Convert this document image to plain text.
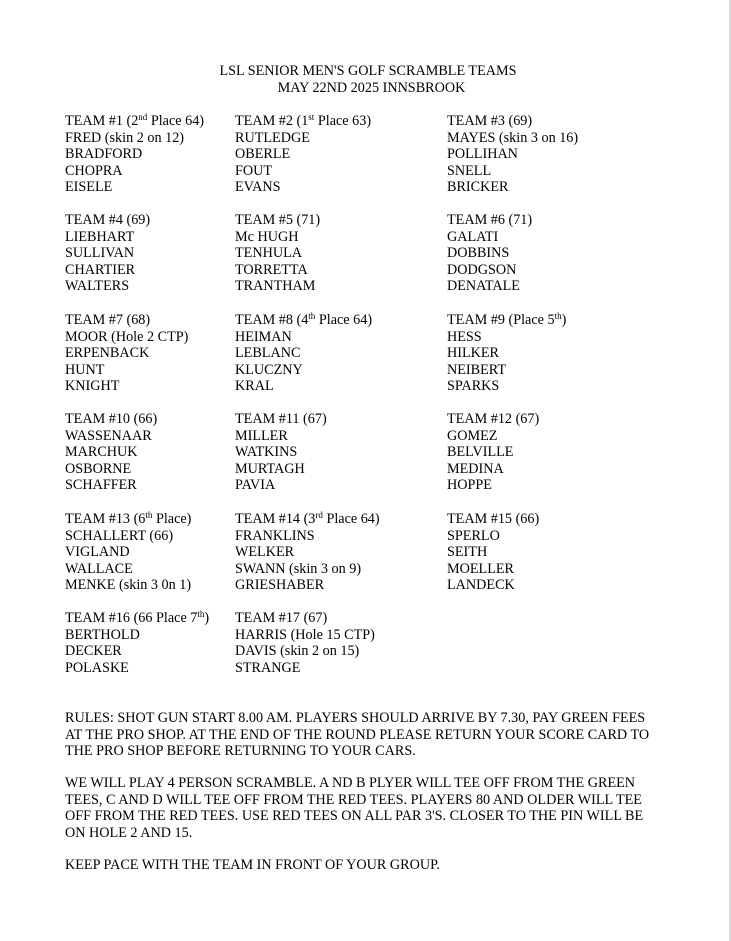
LSL SENIOR MEN'S GOLF SCRAMBLE TEAMS
MAY 22ND 2025 INNSBROOK
TEAM #1 (2nd Place 64)
FRED (skin 2 on 12)
BRADFORD
CHOPRA
EISELE
TEAM #2 (1st Place 63)
RUTLEDGE
OBERLE
FOUT
EVANS
TEAM #3 (69)
MAYES (skin 3 on 16)
POLLIHAN
SNELL
BRICKER
TEAM #4 (69)
LIEBHART
SULLIVAN
CHARTIER
WALTERS
TEAM #5 (71)
Mc HUGH
TENHULA
TORRETTA
TRANTHAM
TEAM #6 (71)
GALATI
DOBBINS
DODGSON
DENATALE
TEAM #7 (68)
MOOR (Hole 2 CTP)
ERPENBACK
HUNT
KNIGHT
TEAM #8 (4th Place 64)
HEIMAN
LEBLANC
KLUCZNY
KRAL
TEAM #9 (Place 5th)
HESS
HILKER
NEIBERT
SPARKS
TEAM #10 (66)
WASSENAAR
MARCHUK
OSBORNE
SCHAFFER
TEAM #11 (67)
MILLER
WATKINS
MURTAGH
PAVIA
TEAM #12 (67)
GOMEZ
BELVILLE
MEDINA
HOPPE
TEAM #13 (6th Place)
SCHALLERT (66)
VIGLAND
WALLACE
MENKE (skin 3 0n 1)
TEAM #14 (3rd Place 64)
FRANKLINS
WELKER
SWANN (skin 3 on 9)
GRIESHABER
TEAM #15 (66)
SPERLO
SEITH
MOELLER
LANDECK
TEAM #16 (66 Place 7th)
BERTHOLD
DECKER
POLASKE
TEAM #17 (67)
HARRIS (Hole 15 CTP)
DAVIS (skin 2 on 15)
STRANGE
RULES: SHOT GUN START 8.00 AM. PLAYERS SHOULD ARRIVE BY 7.30, PAY GREEN FEES
AT THE PRO SHOP. AT THE END OF THE ROUND PLEASE RETURN YOUR SCORE CARD TO
THE PRO SHOP BEFORE RETURNING TO YOUR CARS.
WE WILL PLAY 4 PERSON SCRAMBLE. A ND B PLYER WILL TEE OFF FROM THE GREEN
TEES, C AND D WILL TEE OFF FROM THE RED TEES. PLAYERS 80 AND OLDER WILL TEE
OFF FROM THE RED TEES. USE RED TEES ON ALL PAR 3'S. CLOSER TO THE PIN WILL BE
ON HOLE 2 AND 15.
KEEP PACE WITH THE TEAM IN FRONT OF YOUR GROUP.
